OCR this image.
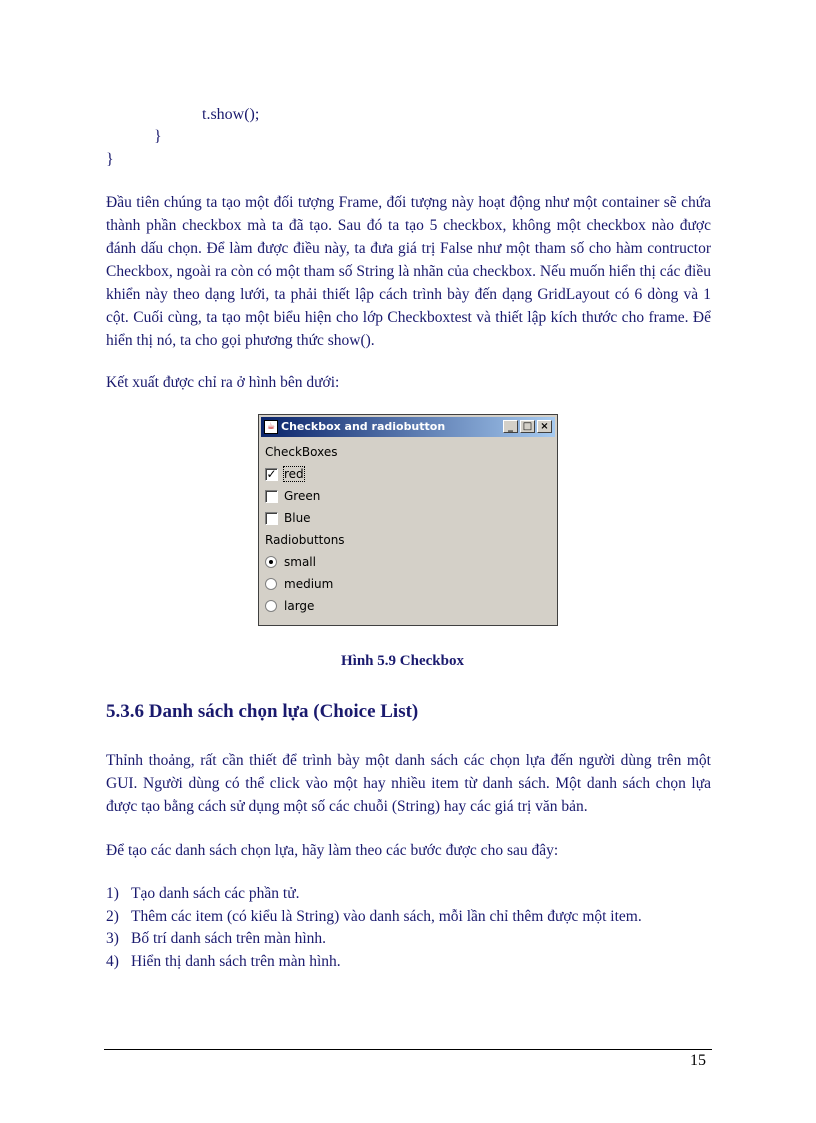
t.show();
}
}

Đầu tiên chúng ta tạo một đối tượng Frame, đối tượng này hoạt động như một container sẽ chứa thành phần checkbox mà ta đã tạo. Sau đó ta tạo 5 checkbox, không một checkbox nào được đánh dấu chọn. Để làm được điều này, ta đưa giá trị False như một tham số cho hàm contructor Checkbox, ngoài ra còn có một tham số String là nhãn của checkbox. Nếu muốn hiển thị các điều khiển này theo dạng lưới, ta phải thiết lập cách trình bày đến dạng GridLayout có 6 dòng và 1 cột. Cuối cùng, ta tạo một biểu hiện cho lớp Checkboxtest và thiết lập kích thước cho frame. Để hiển thị nó, ta cho gọi phương thức show().

Kết xuất được chỉ ra ở hình bên dưới:

☕ Checkbox and radiobutton	_ □ ×
CheckBoxes
✓ red
Green
Blue
Radiobuttons
small
medium
large
Hình 5.9 Checkbox
5.3.6 Danh sách chọn lựa (Choice List)

Thỉnh thoảng, rất cần thiết để trình bày một danh sách các chọn lựa đến người dùng trên một GUI. Người dùng có thể click vào một hay nhiều item từ danh sách. Một danh sách chọn lựa được tạo bằng cách sử dụng một số các chuỗi (String) hay các giá trị văn bản.

Để tạo các danh sách chọn lựa, hãy làm theo các bước được cho sau đây:

1) Tạo danh sách các phần tử.
2) Thêm các item (có kiểu là String) vào danh sách, mỗi lần chỉ thêm được một item.
3) Bố trí danh sách trên màn hình.
4) Hiển thị danh sách trên màn hình.
15
